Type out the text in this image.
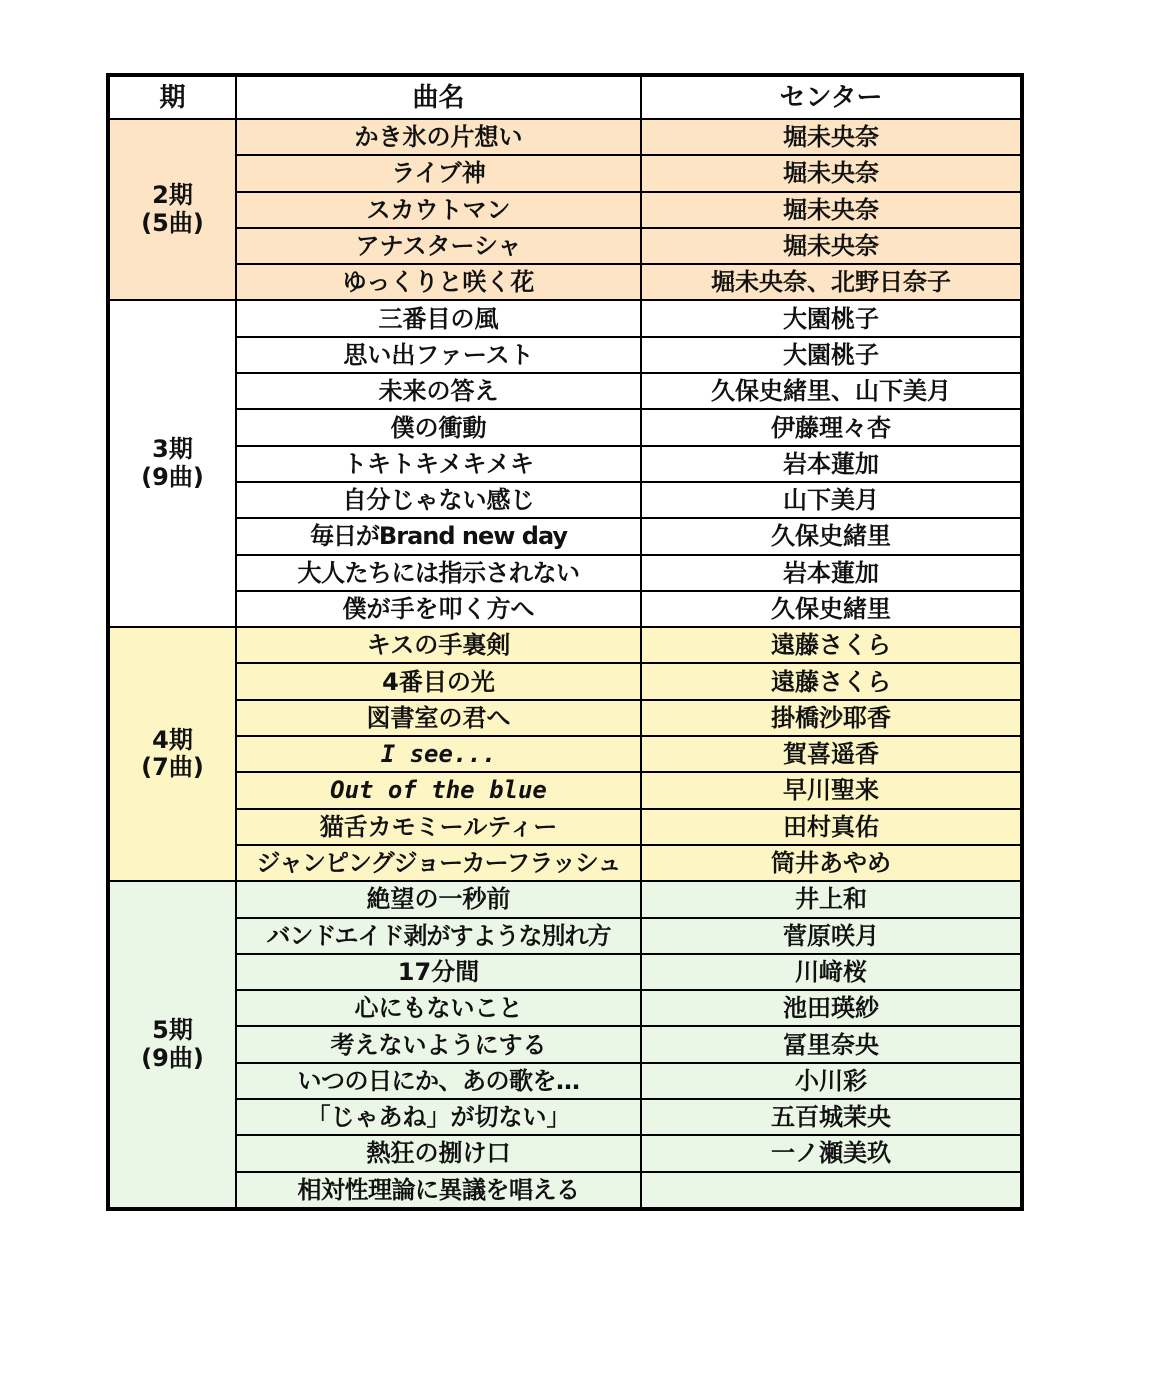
期	曲名	センター

2期
(5曲)	かき氷の片想い	堀未央奈
	ライブ神	堀未央奈
	スカウトマン	堀未央奈
	アナスターシャ	堀未央奈
	ゆっくりと咲く花	堀未央奈、北野日奈子

3期
(9曲)	三番目の風	大園桃子
	思い出ファースト	大園桃子
	未来の答え	久保史緒里、山下美月
	僕の衝動	伊藤理々杏
	トキトキメキメキ	岩本蓮加
	自分じゃない感じ	山下美月
	毎日がBrand new day	久保史緒里
	大人たちには指示されない	岩本蓮加
	僕が手を叩く方へ	久保史緒里

4期
(7曲)	キスの手裏剣	遠藤さくら
	4番目の光	遠藤さくら
	図書室の君へ	掛橋沙耶香
	I see...	賀喜遥香
	Out of the blue	早川聖来
	猫舌カモミールティー	田村真佑
	ジャンピングジョーカーフラッシュ	筒井あやめ

5期
(9曲)	絶望の一秒前	井上和
	バンドエイド剥がすような別れ方	菅原咲月
	17分間	川﨑桜
	心にもないこと	池田瑛紗
	考えないようにする	冨里奈央
	いつの日にか、あの歌を…	小川彩
	「じゃあね」が切ない」	五百城茉央
	熱狂の捌け口	一ノ瀬美玖
	相対性理論に異議を唱える	
